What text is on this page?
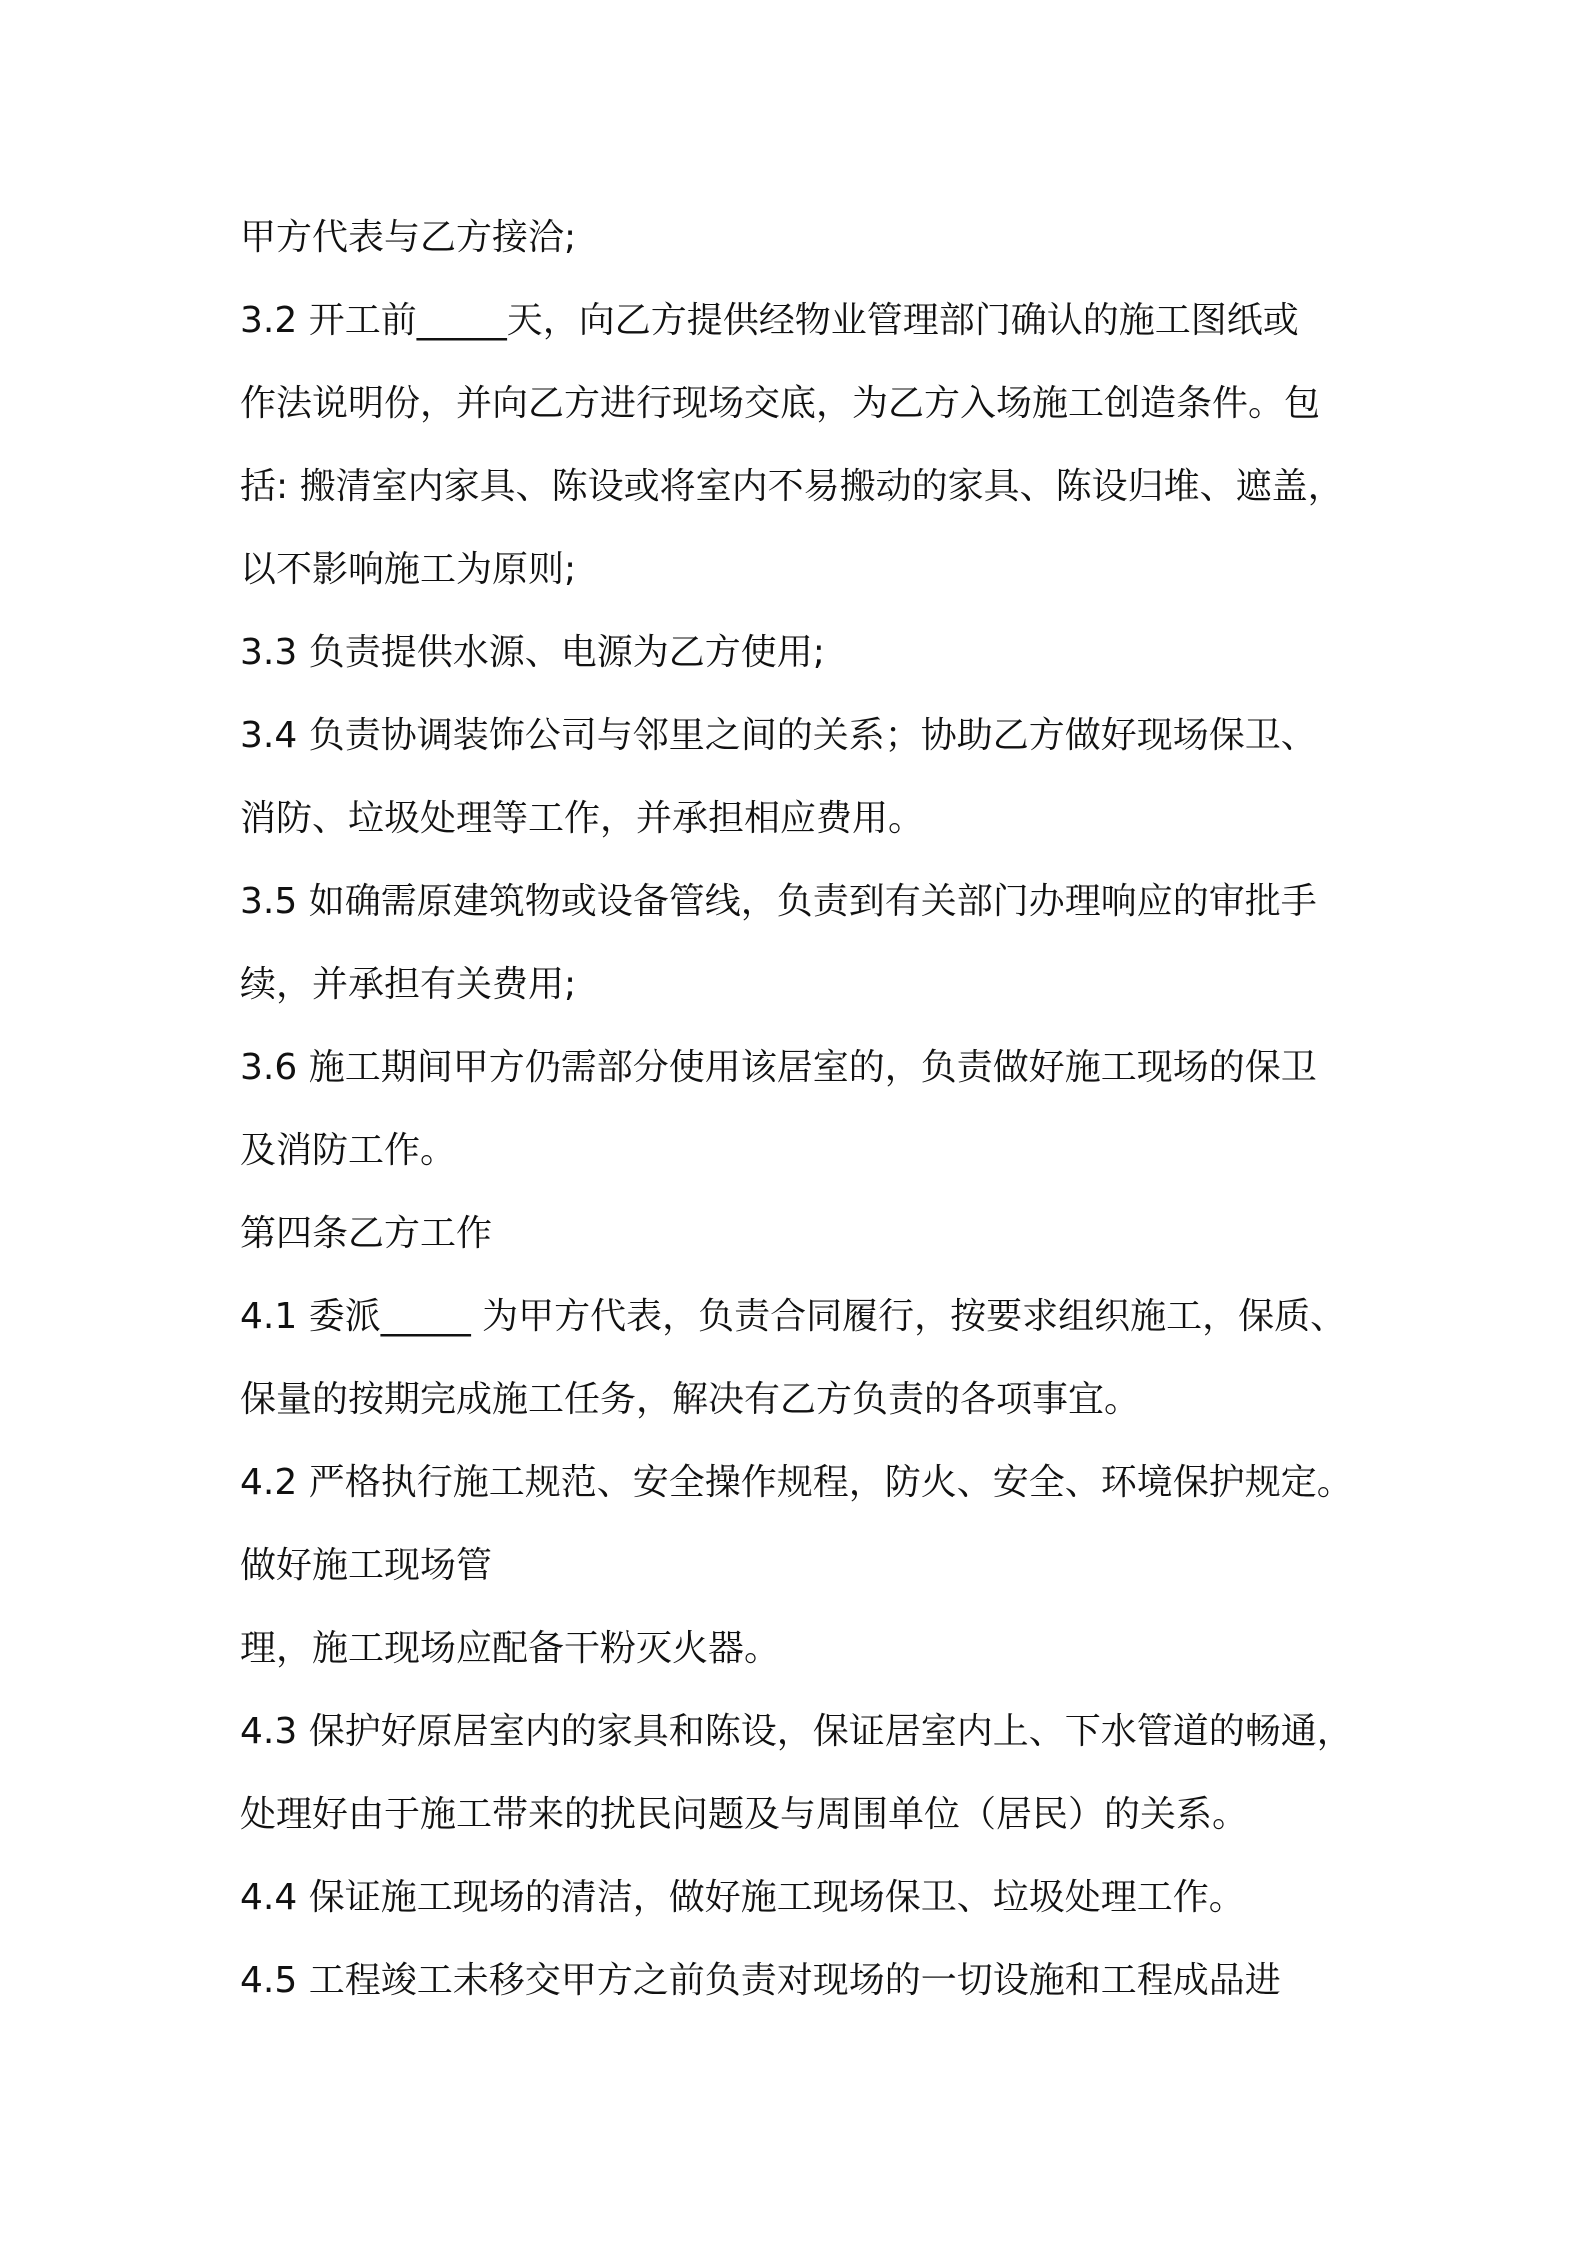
甲方代表与乙方接洽;
3.2 开工前_____天，向乙方提供经物业管理部门确认的施工图纸或
作法说明份，并向乙方进行现场交底，为乙方入场施工创造条件。包
括: 搬清室内家具、陈设或将室内不易搬动的家具、陈设归堆、遮盖，
以不影响施工为原则;
3.3 负责提供水源、电源为乙方使用;
3.4 负责协调装饰公司与邻里之间的关系；协助乙方做好现场保卫、
消防、垃圾处理等工作，并承担相应费用。
3.5 如确需原建筑物或设备管线，负责到有关部门办理响应的审批手
续，并承担有关费用;
3.6 施工期间甲方仍需部分使用该居室的，负责做好施工现场的保卫
及消防工作。
第四条乙方工作
4.1 委派_____ 为甲方代表，负责合同履行，按要求组织施工，保质、
保量的按期完成施工任务，解决有乙方负责的各项事宜。
4.2 严格执行施工规范、安全操作规程，防火、安全、环境保护规定。
做好施工现场管
理，施工现场应配备干粉灭火器。
4.3 保护好原居室内的家具和陈设，保证居室内上、下水管道的畅通，
处理好由于施工带来的扰民问题及与周围单位（居民）的关系。
4.4 保证施工现场的清洁，做好施工现场保卫、垃圾处理工作。
4.5 工程竣工未移交甲方之前负责对现场的一切设施和工程成品进
